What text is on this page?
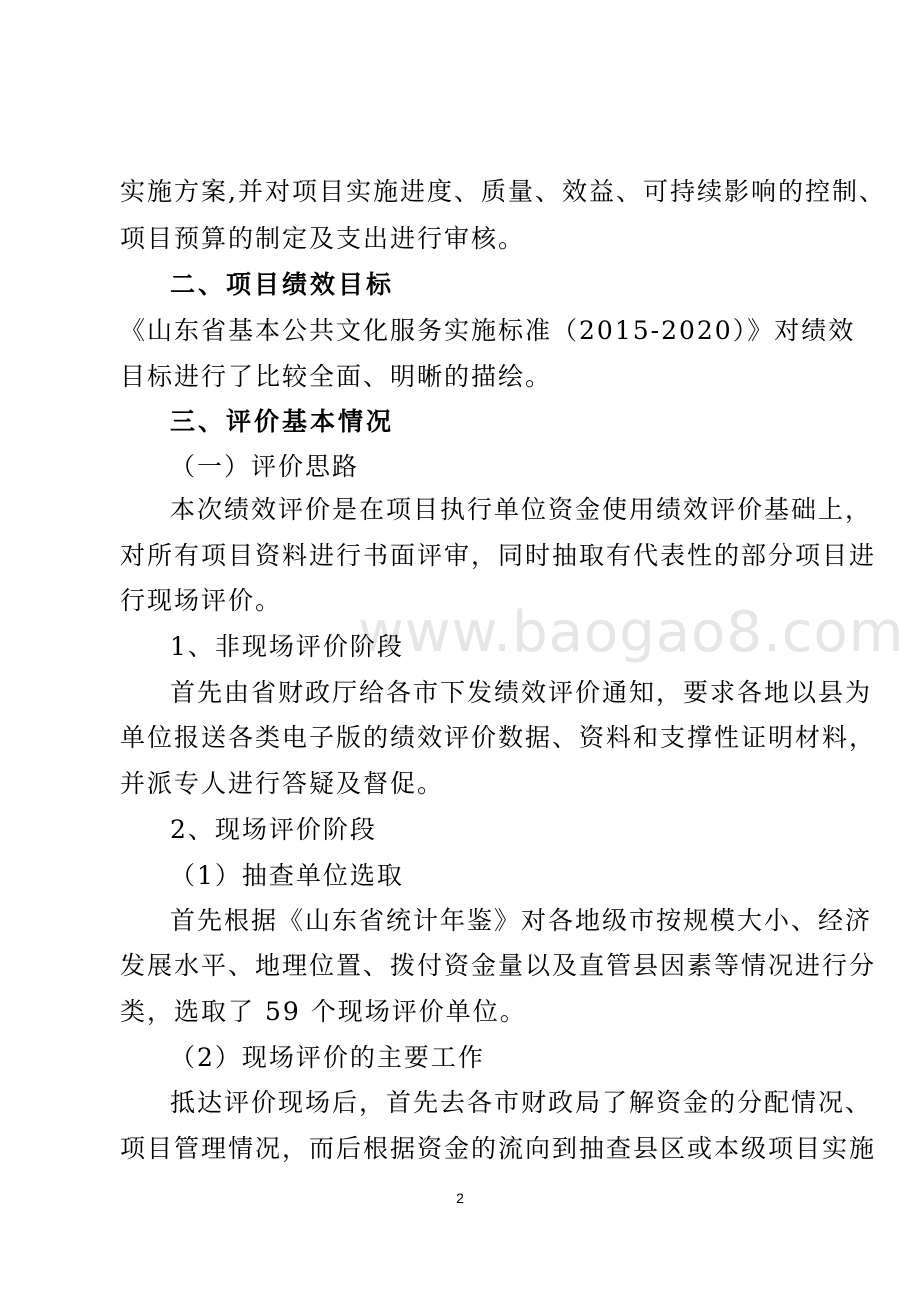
www.baogao8.com
实施方案,并对项目实施进度、质量、效益、可持续影响的控制、
项目预算的制定及支出进行审核。
二、项目绩效目标
《山东省基本公共文化服务实施标准（2015-2020）》对绩效
目标进行了比较全面、明晰的描绘。
三、评价基本情况
（一）评价思路
本次绩效评价是在项目执行单位资金使用绩效评价基础上，
对所有项目资料进行书面评审，同时抽取有代表性的部分项目进
行现场评价。
1、非现场评价阶段
首先由省财政厅给各市下发绩效评价通知，要求各地以县为
单位报送各类电子版的绩效评价数据、资料和支撑性证明材料，
并派专人进行答疑及督促。
2、现场评价阶段
（1）抽查单位选取
首先根据《山东省统计年鉴》对各地级市按规模大小、经济
发展水平、地理位置、拨付资金量以及直管县因素等情况进行分
类，选取了 59 个现场评价单位。
（2）现场评价的主要工作
抵达评价现场后，首先去各市财政局了解资金的分配情况、
项目管理情况，而后根据资金的流向到抽查县区或本级项目实施
2
